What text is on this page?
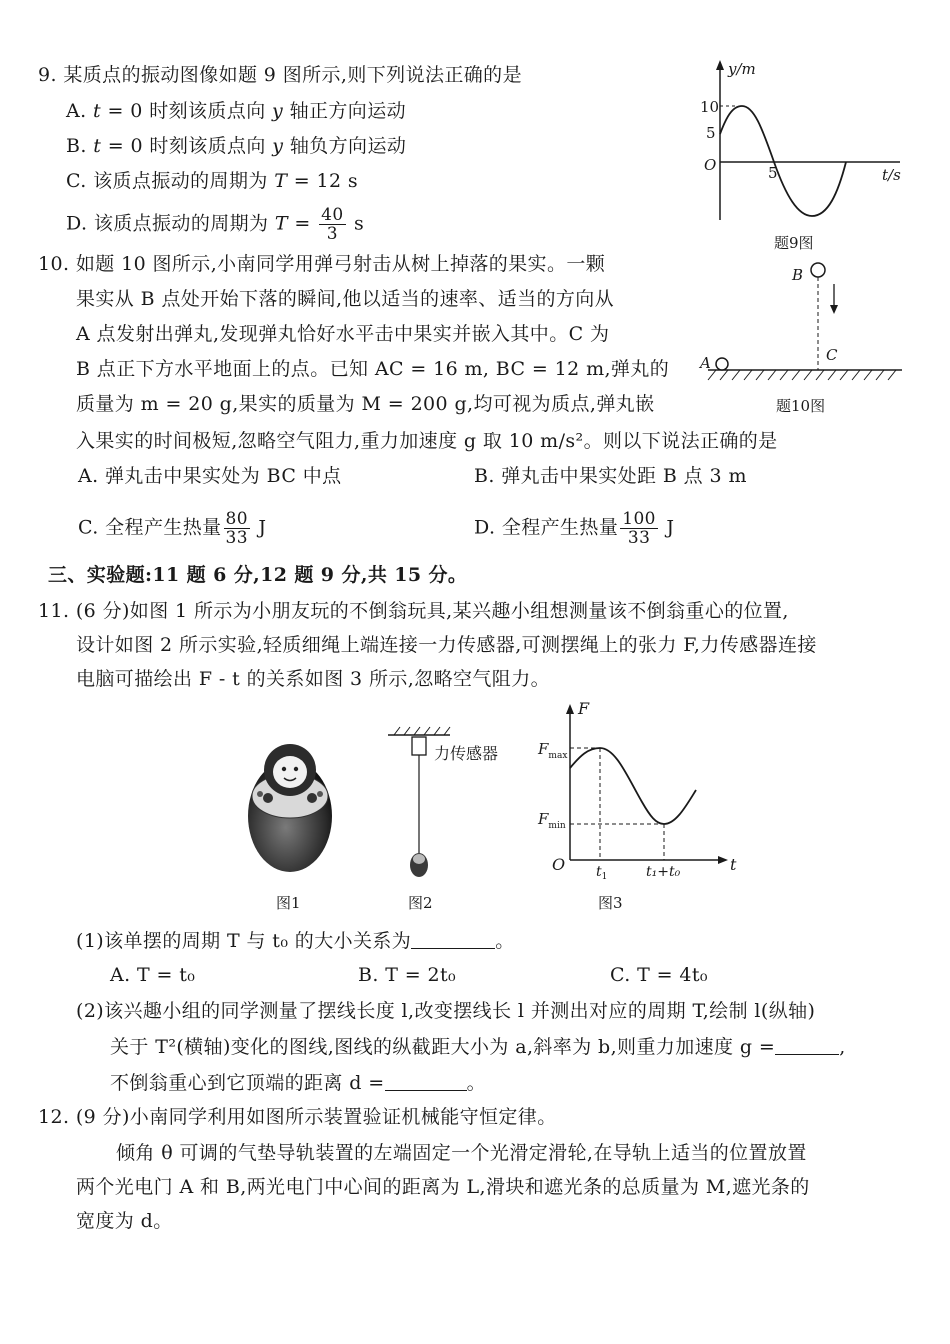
9. 某质点的振动图像如题 9 图所示,则下列说法正确的是
A. t = 0 时刻该质点向 y 轴正方向运动
B. t = 0 时刻该质点向 y 轴负方向运动
C. 该质点振动的周期为 T = 12 s
D. 该质点振动的周期为 $T = \frac{40}{3}$ s
y/m
t/s
O
10
5
5
题9图
10. 如题 10 图所示,小南同学用弹弓射击从树上掉落的果实。一颗
果实从 B 点处开始下落的瞬间,他以适当的速率、适当的方向从
A 点发射出弹丸,发现弹丸恰好水平击中果实并嵌入其中。C 为
B 点正下方水平地面上的点。已知 AC = 16 m, BC = 12 m,弹丸的
质量为 m = 20 g,果实的质量为 M = 200 g,均可视为质点,弹丸嵌
入果实的时间极短,忽略空气阻力,重力加速度 g 取 10 m/s²。则以下说法正确的是
A
B
C
题10图
A. 弹丸击中果实处为 BC 中点	B. 弹丸击中果实处距 B 点 3 m
C. 全程产生热量 $\frac{80}{33}$ J	D. 全程产生热量 $\frac{100}{33}$ J
三、实验题:11 题 6 分,12 题 9 分,共 15 分。
11. (6 分)如图 1 所示为小朋友玩的不倒翁玩具,某兴趣小组想测量该不倒翁重心的位置,
设计如图 2 所示实验,轻质细绳上端连接一力传感器,可测摆绳上的张力 F,力传感器连接
电脑可描绘出 F - t 的关系如图 3 所示,忽略空气阻力。
图1
力传感器
图2
F
t
O
$F_{max}$
$F_{min}$
$t_1$	t₁+t₀
图3
(1)该单摆的周期 T 与 t₀ 的大小关系为	。
A. T = t₀	B. T = 2t₀	C. T = 4t₀
(2)该兴趣小组的同学测量了摆线长度 l,改变摆线长 l 并测出对应的周期 T,绘制 l(纵轴)
关于 T²(横轴)变化的图线,图线的纵截距大小为 a,斜率为 b,则重力加速度 g =	,
不倒翁重心到它顶端的距离 d =	。
12. (9 分)小南同学利用如图所示装置验证机械能守恒定律。
倾角 θ 可调的气垫导轨装置的左端固定一个光滑定滑轮,在导轨上适当的位置放置
两个光电门 A 和 B,两光电门中心间的距离为 L,滑块和遮光条的总质量为 M,遮光条的
宽度为 d。
